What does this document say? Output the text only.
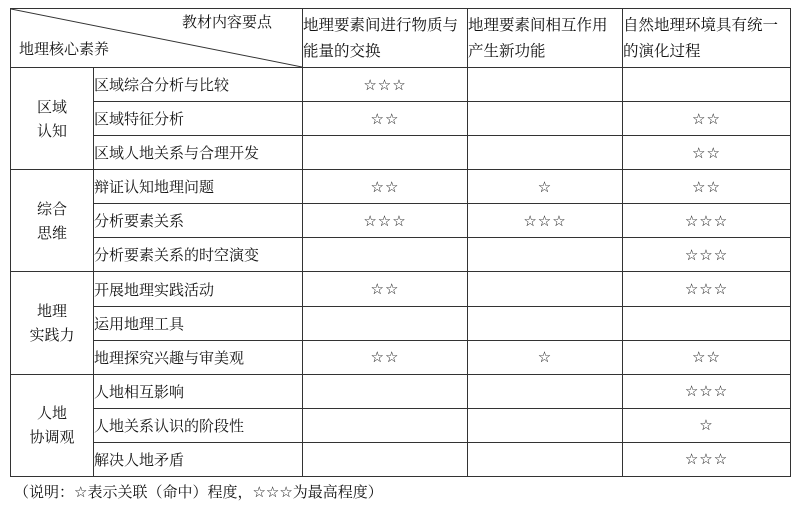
教材内容要点
地理核心素养		地理要素间进行物质与能量的交换	地理要素间相互作用产生新功能	自然地理环境具有统一的演化过程
区域
认知	区域综合分析与比较	☆☆☆		
	区域特征分析	☆☆		☆☆
	区域人地关系与合理开发			☆☆
综合
思维	辩证认知地理问题	☆☆	☆	☆☆
	分析要素关系	☆☆☆	☆☆☆	☆☆☆
	分析要素关系的时空演变			☆☆☆
地理
实践力	开展地理实践活动	☆☆		☆☆☆
	运用地理工具			
	地理探究兴趣与审美观	☆☆	☆	☆☆
人地
协调观	人地相互影响			☆☆☆
	人地关系认识的阶段性			☆
	解决人地矛盾			☆☆☆
（说明：☆表示关联（命中）程度，☆☆☆为最高程度）
